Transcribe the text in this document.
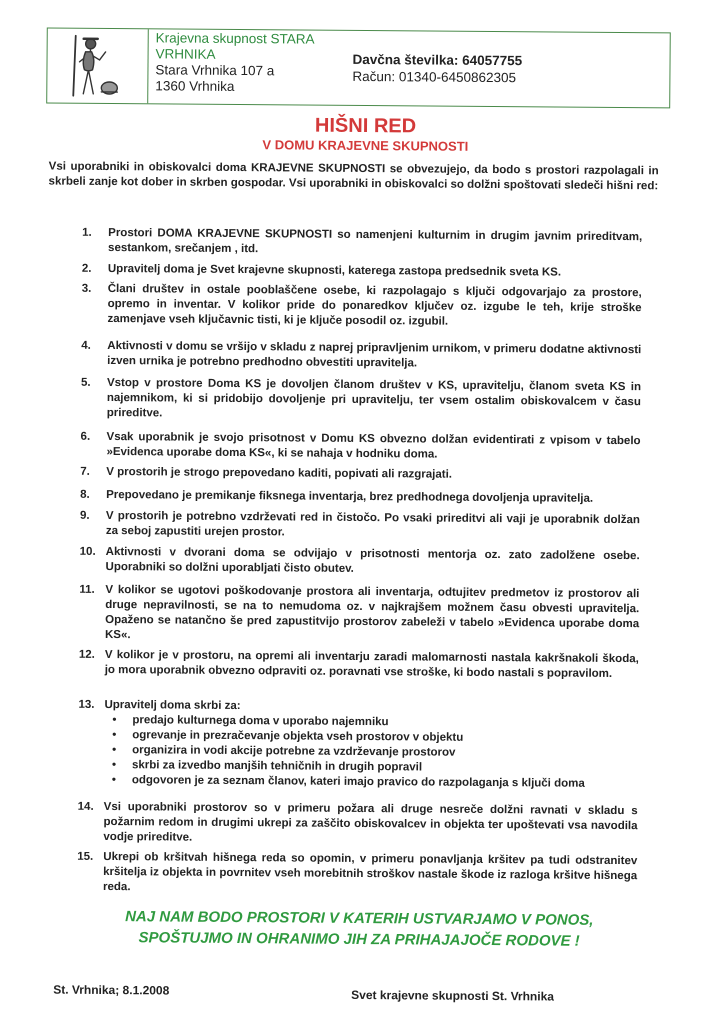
Krajevna skupnost STARA VRHNIKA
Stara Vrhnika 107 a
1360 Vrhnika
Davčna številka: 64057755
Račun: 01340-6450862305
HIŠNI RED
V DOMU KRAJEVNE SKUPNOSTI
Vsi uporabniki in obiskovalci doma KRAJEVNE SKUPNOSTI se obvezujejo, da bodo s prostori razpolagali in skrbeli zanje kot dober in skrben gospodar. Vsi uporabniki in obiskovalci so dolžni spoštovati sledeči hišni red:
1.	Prostori DOMA KRAJEVNE SKUPNOSTI so namenjeni kulturnim in drugim javnim prireditvam, sestankom, srečanjem , itd.
2.	Upravitelj doma je Svet krajevne skupnosti, katerega zastopa predsednik sveta KS.
3.	Člani društev in ostale pooblaščene osebe, ki razpolagajo s ključi odgovarjajo za prostore, opremo in inventar. V kolikor pride do ponaredkov ključev oz. izgube le teh, krije stroške zamenjave vseh ključavnic tisti, ki je ključe posodil oz. izgubil.
4.	Aktivnosti v domu se vršijo v skladu z naprej pripravljenim urnikom, v primeru dodatne aktivnosti izven urnika je potrebno predhodno obvestiti upravitelja.
5.	Vstop v prostore Doma KS je dovoljen članom društev v KS, upravitelju, članom sveta KS in najemnikom, ki si pridobijo dovoljenje pri upravitelju, ter vsem ostalim obiskovalcem v času prireditve.
6.	Vsak uporabnik je svojo prisotnost v Domu KS obvezno dolžan evidentirati z vpisom v tabelo »Evidenca uporabe doma KS«, ki se nahaja v hodniku doma.
7.	V prostorih je strogo prepovedano kaditi, popivati ali razgrajati.
8.	Prepovedano je premikanje fiksnega inventarja, brez predhodnega dovoljenja upravitelja.
9.	V prostorih je potrebno vzdrževati red in čistočo. Po vsaki prireditvi ali vaji je uporabnik dolžan za seboj zapustiti urejen prostor.
10. Aktivnosti v dvorani doma se odvijajo v prisotnosti mentorja oz. zato zadolžene osebe. Uporabniki so dolžni uporabljati čisto obutev.
11. V kolikor se ugotovi poškodovanje prostora ali inventarja, odtujitev predmetov iz prostorov ali druge nepravilnosti, se na to nemudoma oz. v najkrajšem možnem času obvesti upravitelja. Opaženo se natančno še pred zapustitvijo prostorov zabeleži v tabelo »Evidenca uporabe doma KS«.
12. V kolikor je v prostoru, na opremi ali inventarju zaradi malomarnosti nastala kakršnakoli škoda, jo mora uporabnik obvezno odpraviti oz. poravnati vse stroške, ki bodo nastali s popravilom.
13. Upravitelj doma skrbi za:
• predajo kulturnega doma v uporabo najemniku
• ogrevanje in prezračevanje objekta vseh prostorov v objektu
• organizira in vodi akcije potrebne za vzdrževanje prostorov
• skrbi za izvedbo manjših tehničnih in drugih popravil
• odgovoren je za seznam članov, kateri imajo pravico do razpolaganja s ključi doma
14. Vsi uporabniki prostorov so v primeru požara ali druge nesreče dolžni ravnati v skladu s požarnim redom in drugimi ukrepi za zaščito obiskovalcev in objekta ter upoštevati vsa navodila vodje prireditve.
15. Ukrepi ob kršitvah hišnega reda so opomin, v primeru ponavljanja kršitev pa tudi odstranitev kršitelja iz objekta in povrnitev vseh morebitnih stroškov nastale škode iz razloga kršitve hišnega reda.
NAJ NAM BODO PROSTORI V KATERIH USTVARJAMO V PONOS,
SPOŠTUJMO IN OHRANIMO JIH ZA PRIHAJAJOČE RODOVE !
St. Vrhnika; 8.1.2008	Svet krajevne skupnosti St. Vrhnika
